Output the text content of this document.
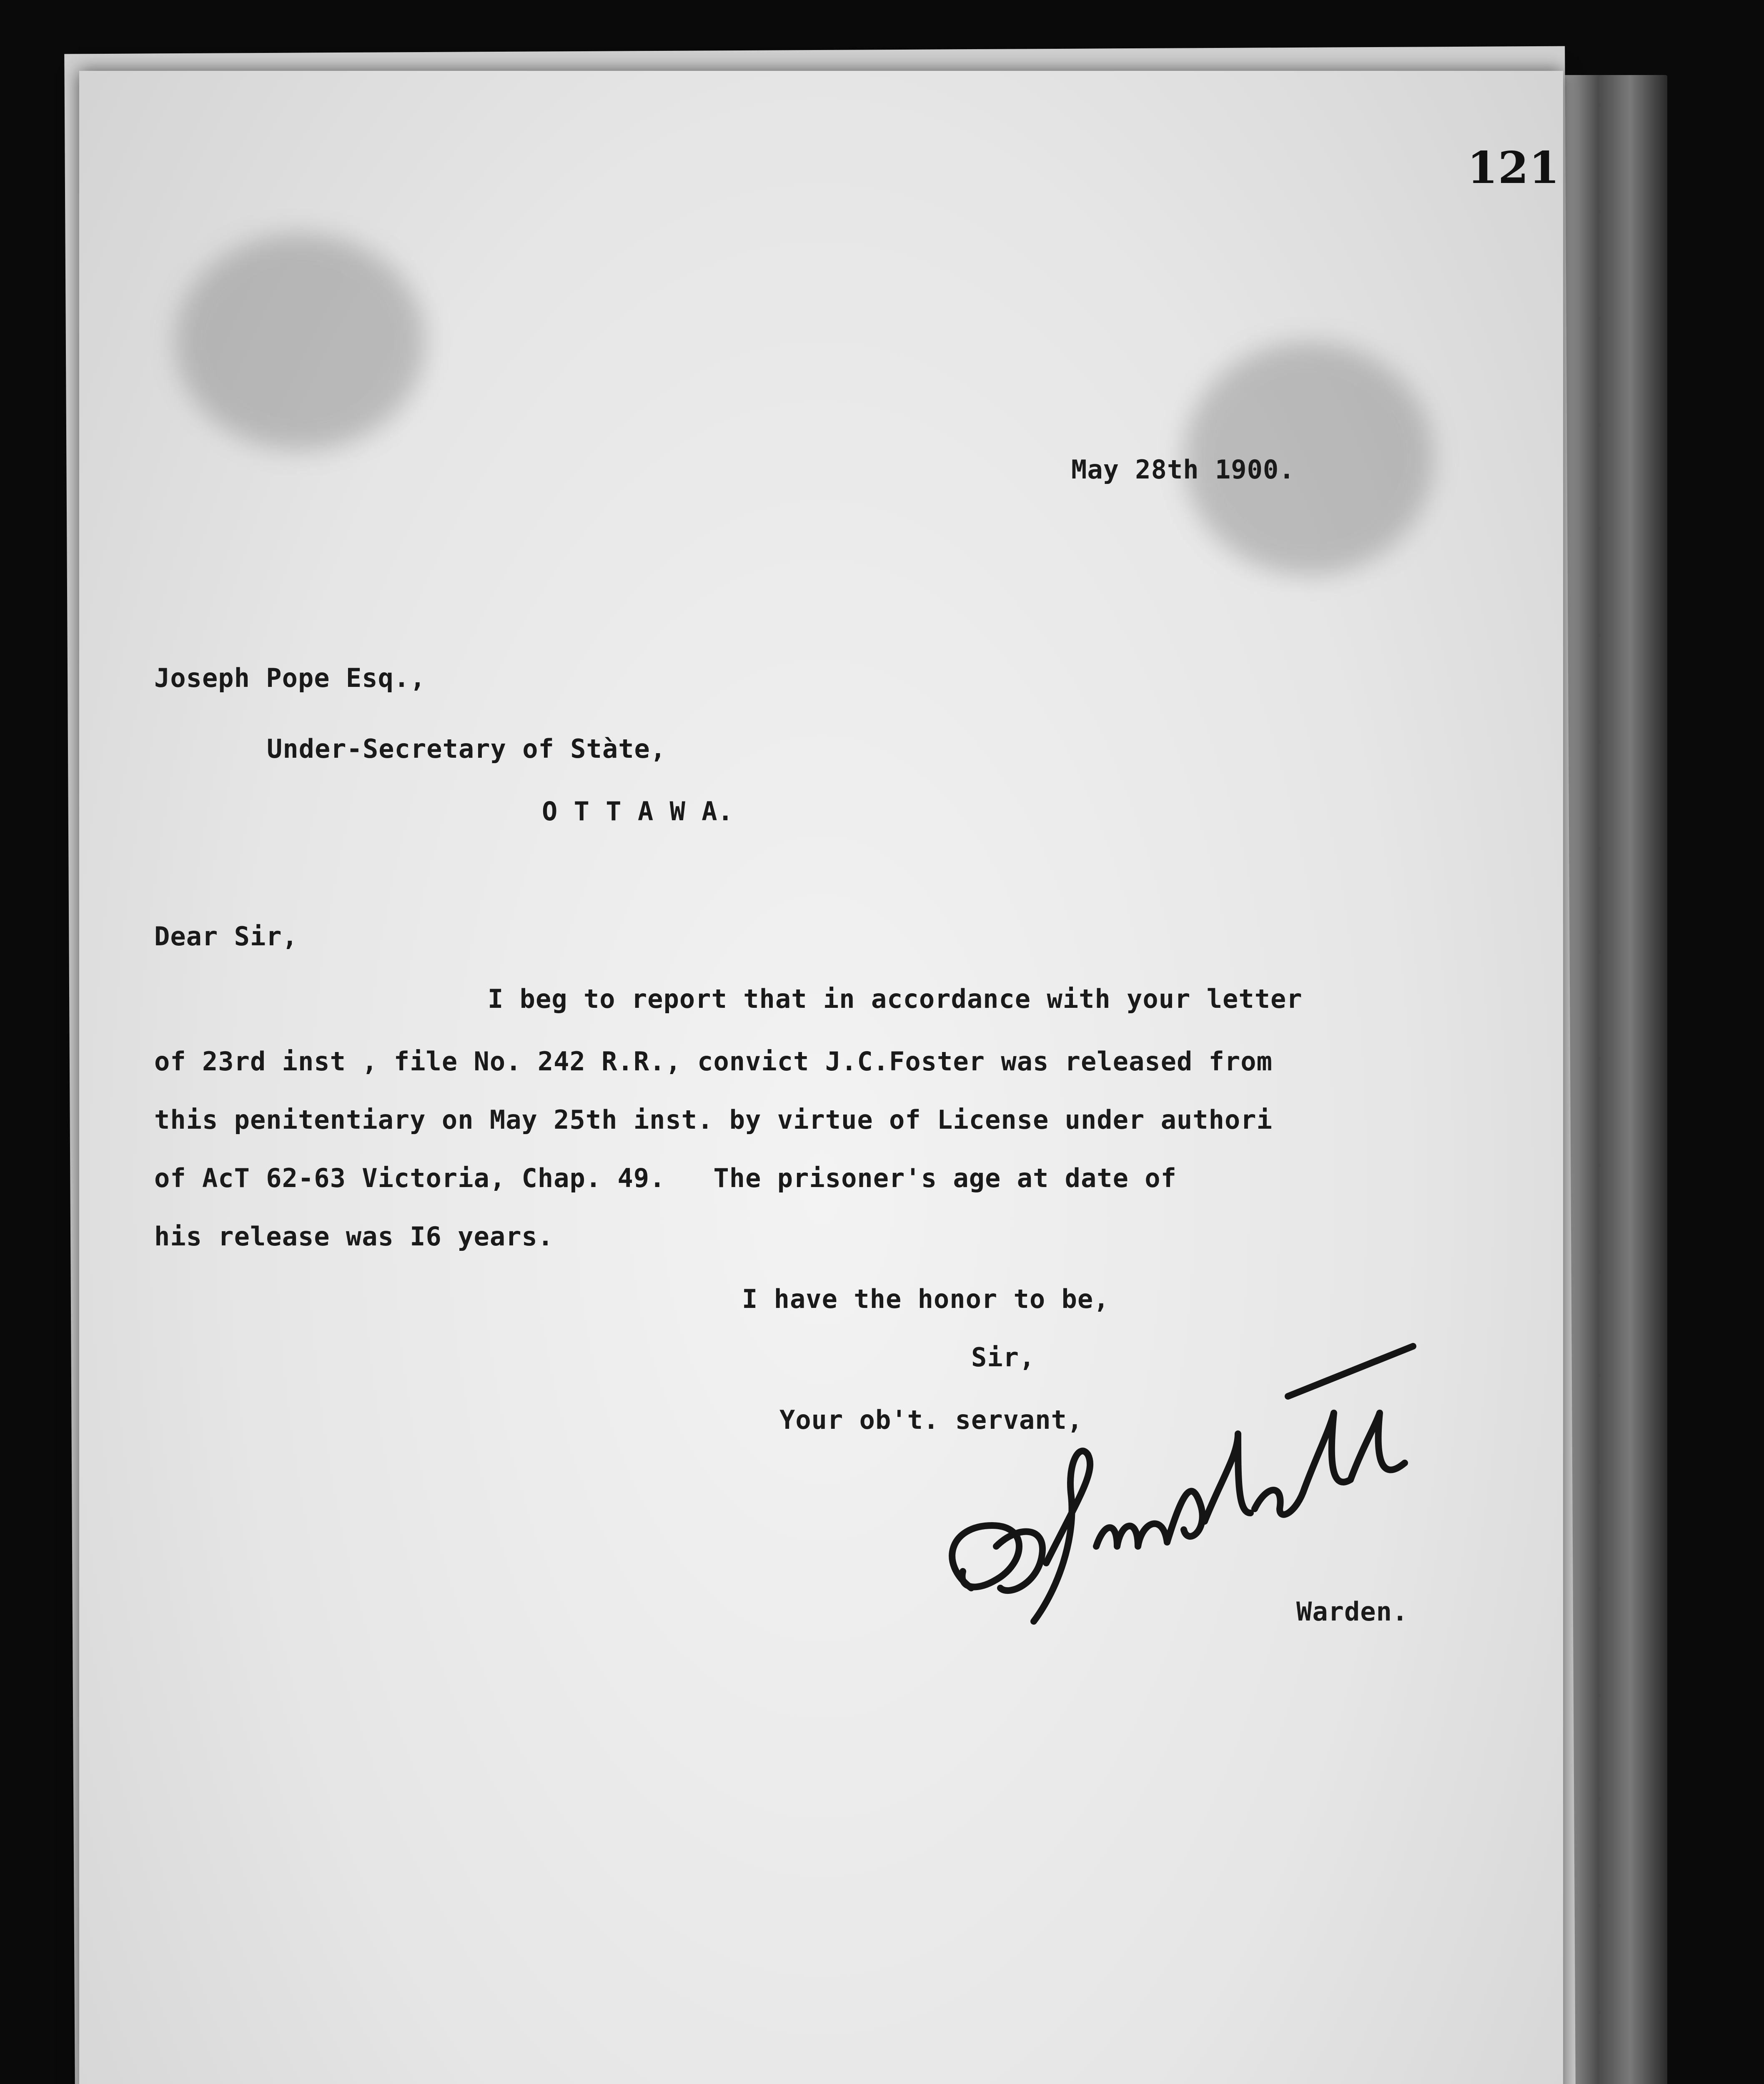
121
May 28th 1900.
Joseph Pope Esq.,
Under-Secretary of Stàte,
O T T A W A.
Dear Sir,
I beg to report that in accordance with your letter
of 23rd inst , file No. 242 R.R., convict J.C.Foster was released from
this penitentiary on May 25th inst. by virtue of License under authori
of AcT 62-63 Victoria, Chap. 49.   The prisoner's age at date of
his release was I6 years.
I have the honor to be,
Sir,
Your ob't. servant,
Warden.
